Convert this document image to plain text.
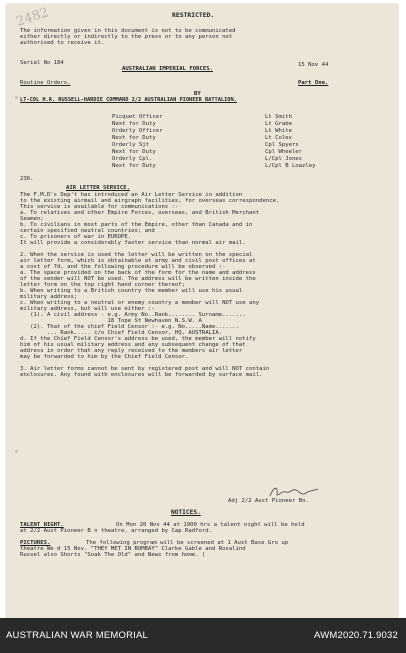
2482	RESTRICTED.
The information given in this document is not to be communicated
either directly or indirectly to the press or to any person not
authorised to receive it.
Serial No 184
AUSTRALIAN IMPERIAL FORCES.
15 Nov 44
Routine Orders.	Part One.
BY
LT-COL H.R. RUSSELL-HARDIE COMMAND 2/2 AUSTRALIAN PIONEER BATTALION.
Picquet Officer	Lt Smith
Next for Duty	Lt Grabe
Orderly Officer	Lt White
Next for Duty	Lt Coles
Orderly Sjt	Cpl Spyers
Next for Duty	Cpl Wheeler
Orderly Cpl.	L/Cpl Jones
Next for Duty	L/Cpl B Loazley
236.
AIR LETTER SERVICE.
The F.M.D's Dep't has introduced an Air Letter Service in addition
to the existing airmail and airgraph facilities, for overseas correspondence.
This service is available for communications :-
a. To relatives and other Empire Forces, overseas, and British Merchant
Seamen;
b. To civilians in most parts of the Empire, other than Canada and in
certain specified neutral countries; and
c. To prisoners of war in EUROPE.
It will provide a considerably faster service than normal air mail.
2. When the service is used the letter will be written on the special
air letter form, which is obtainable at army and civil post offices at
a cost of 7d, and the following procedure will be observed :-
a. The space provided on the back of the form for the name and address
of the sender will NOT be used. The address will be written inside the
letter form on the top right hand corner thereof;
b. When writing to a British country the member will use his usual
military address;
c. When writing to a neutral or enemy country a member will NOT use any
military address, but will use either :-
(1). A civil address - e.g. Army No..Rank........ Surname.......
18 Tope St Newhaven N.S.W. A
(2). That of the chief Field Censor :- e.g. No.....Name.......
... Rank..... c/o Chief Field Censor, HQ, AUSTRALIA.
d. If the Chief Field Censor's address be used, the member will notify
him of his usual military address and any subsequent change of that
address in order that any reply received to the members air letter
may be forwarded to him by the Chief Field Censor.
3. Air letter forms cannot be sent by registered post and will NOT contain
enclosures. Any found with enclosures will be forwarded by surface mail.
Adj 2/2 Aust Pioneer Bn.
NOTICES.
TALENT NIGHT.	On Mon 20 Nov 44 at 1900 hrs a talent night will be held
at 2/2 Aust Pioneer B n theatre, arranged by Cap Radford.
PICTURES.	The following program will be screened at 1 Aust Base Gro up
theatre We d 15 Nov. "THEY MET IN BOMBAY" Clarke Gable and Rosalind
Russel also Shorts "Soak The Old" and News from home. (
AUSTRALIAN WAR MEMORIAL	AWM2020.71.9032
